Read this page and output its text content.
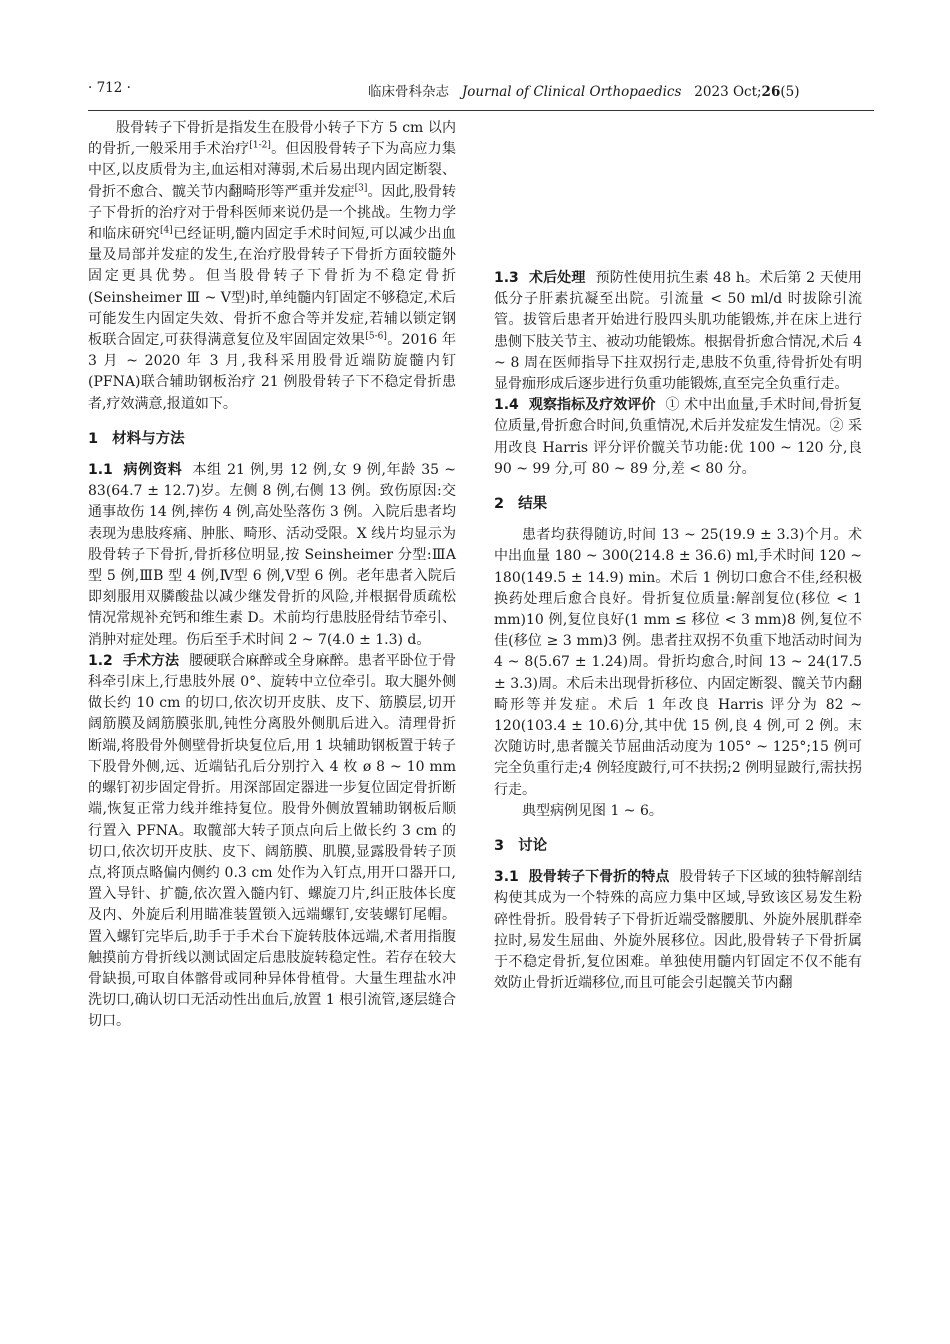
· 712 ·	临床骨科杂志 Journal of Clinical Orthopaedics 2023 Oct;26(5)

股骨转子下骨折是指发生在股骨小转子下方 5 cm 以内的骨折,一般采用手术治疗[1-2]。但因股骨转子下为高应力集中区,以皮质骨为主,血运相对薄弱,术后易出现内固定断裂、骨折不愈合、髋关节内翻畸形等严重并发症[3]。因此,股骨转子下骨折的治疗对于骨科医师来说仍是一个挑战。生物力学和临床研究[4]已经证明,髓内固定手术时间短,可以减少出血量及局部并发症的发生,在治疗股骨转子下骨折方面较髓外固定更具优势。但当股骨转子下骨折为不稳定骨折(Seinsheimer Ⅲ ~ Ⅴ型)时,单纯髓内钉固定不够稳定,术后可能发生内固定失效、骨折不愈合等并发症,若辅以锁定钢板联合固定,可获得满意复位及牢固固定效果[5-6]。2016 年 3 月 ~ 2020 年 3 月,我科采用股骨近端防旋髓内钉(PFNA)联合辅助钢板治疗 21 例股骨转子下不稳定骨折患者,疗效满意,报道如下。

1 材料与方法

1.1 病例资料 本组 21 例,男 12 例,女 9 例,年龄 35 ~ 83(64.7 ± 12.7)岁。左侧 8 例,右侧 13 例。致伤原因:交通事故伤 14 例,摔伤 4 例,高处坠落伤 3 例。入院后患者均表现为患肢疼痛、肿胀、畸形、活动受限。X 线片均显示为股骨转子下骨折,骨折移位明显,按 Seinsheimer 分型:ⅢA 型 5 例,ⅢB 型 4 例,Ⅳ型 6 例,Ⅴ型 6 例。老年患者入院后即刻服用双膦酸盐以减少继发骨折的风险,并根据骨质疏松情况常规补充钙和维生素 D。术前均行患肢胫骨结节牵引、消肿对症处理。伤后至手术时间 2 ~ 7(4.0 ± 1.3) d。

1.2 手术方法 腰硬联合麻醉或全身麻醉。患者平卧位于骨科牵引床上,行患肢外展 0°、旋转中立位牵引。取大腿外侧做长约 10 cm 的切口,依次切开皮肤、皮下、筋膜层,切开阔筋膜及阔筋膜张肌,钝性分离股外侧肌后进入。清理骨折断端,将股骨外侧壁骨折块复位后,用 1 块辅助钢板置于转子下股骨外侧,远、近端钻孔后分别拧入 4 枚 ø 8 ~ 10 mm 的螺钉初步固定骨折。用深部固定器进一步复位固定骨折断端,恢复正常力线并维持复位。股骨外侧放置辅助钢板后顺行置入 PFNA。取髋部大转子顶点向后上做长约 3 cm 的切口,依次切开皮肤、皮下、阔筋膜、肌膜,显露股骨转子顶点,将顶点略偏内侧约 0.3 cm 处作为入钉点,用开口器开口,置入导针、扩髓,依次置入髓内钉、螺旋刀片,纠正肢体长度及内、外旋后利用瞄准装置锁入远端螺钉,安装螺钉尾帽。置入螺钉完毕后,助手于手术台下旋转肢体远端,术者用指腹触摸前方骨折线以测试固定后患肢旋转稳定性。若存在较大骨缺损,可取自体髂骨或同种异体骨植骨。大量生理盐水冲洗切口,确认切口无活动性出血后,放置 1 根引流管,逐层缝合切口。

1.3 术后处理 预防性使用抗生素 48 h。术后第 2 天使用低分子肝素抗凝至出院。引流量 < 50 ml/d 时拔除引流管。拔管后患者开始进行股四头肌功能锻炼,并在床上进行患侧下肢关节主、被动功能锻炼。根据骨折愈合情况,术后 4 ~ 8 周在医师指导下拄双拐行走,患肢不负重,待骨折处有明显骨痂形成后逐步进行负重功能锻炼,直至完全负重行走。

1.4 观察指标及疗效评价 ① 术中出血量,手术时间,骨折复位质量,骨折愈合时间,负重情况,术后并发症发生情况。② 采用改良 Harris 评分评价髋关节功能:优 100 ~ 120 分,良 90 ~ 99 分,可 80 ~ 89 分,差 < 80 分。

2 结果

患者均获得随访,时间 13 ~ 25(19.9 ± 3.3)个月。术中出血量 180 ~ 300(214.8 ± 36.6) ml,手术时间 120 ~ 180(149.5 ± 14.9) min。术后 1 例切口愈合不佳,经积极换药处理后愈合良好。骨折复位质量:解剖复位(移位 < 1 mm)10 例,复位良好(1 mm ≤ 移位 < 3 mm)8 例,复位不佳(移位 ≥ 3 mm)3 例。患者拄双拐不负重下地活动时间为 4 ~ 8(5.67 ± 1.24)周。骨折均愈合,时间 13 ~ 24(17.5 ± 3.3)周。术后未出现骨折移位、内固定断裂、髋关节内翻畸形等并发症。术后 1 年改良 Harris 评分为 82 ~ 120(103.4 ± 10.6)分,其中优 15 例,良 4 例,可 2 例。末次随访时,患者髋关节屈曲活动度为 105° ~ 125°;15 例可完全负重行走;4 例轻度跛行,可不扶拐;2 例明显跛行,需扶拐行走。

典型病例见图 1 ~ 6。

3 讨论

3.1 股骨转子下骨折的特点 股骨转子下区域的独特解剖结构使其成为一个特殊的高应力集中区域,导致该区易发生粉碎性骨折。股骨转子下骨折近端受髂腰肌、外旋外展肌群牵拉时,易发生屈曲、外旋外展移位。因此,股骨转子下骨折属于不稳定骨折,复位困难。单独使用髓内钉固定不仅不能有效防止骨折近端移位,而且可能会引起髋关节内翻
